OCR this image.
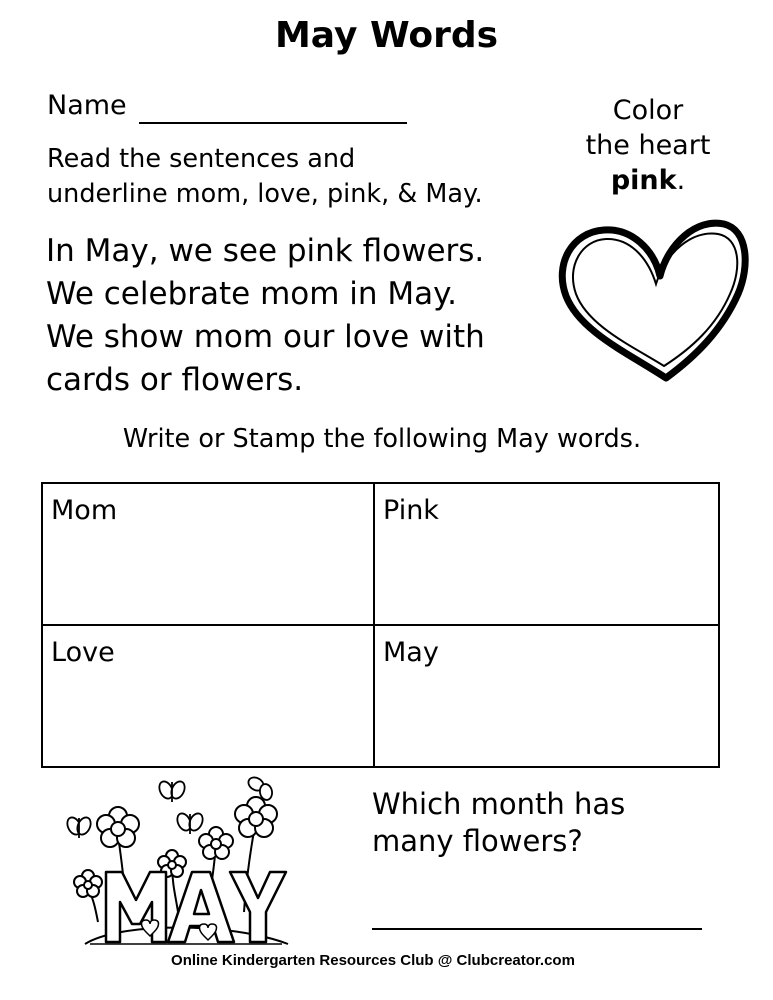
May Words
Name
Read the sentences and
underline mom, love, pink, & May.
In May, we see pink flowers.
We celebrate mom in May.
We show mom our love with
cards or flowers.
Color
the heart
pink.
Write or Stamp the following May words.
Mom	Pink
Love	May
Which month has
many flowers?
Online Kindergarten Resources Club @ Clubcreator.com
